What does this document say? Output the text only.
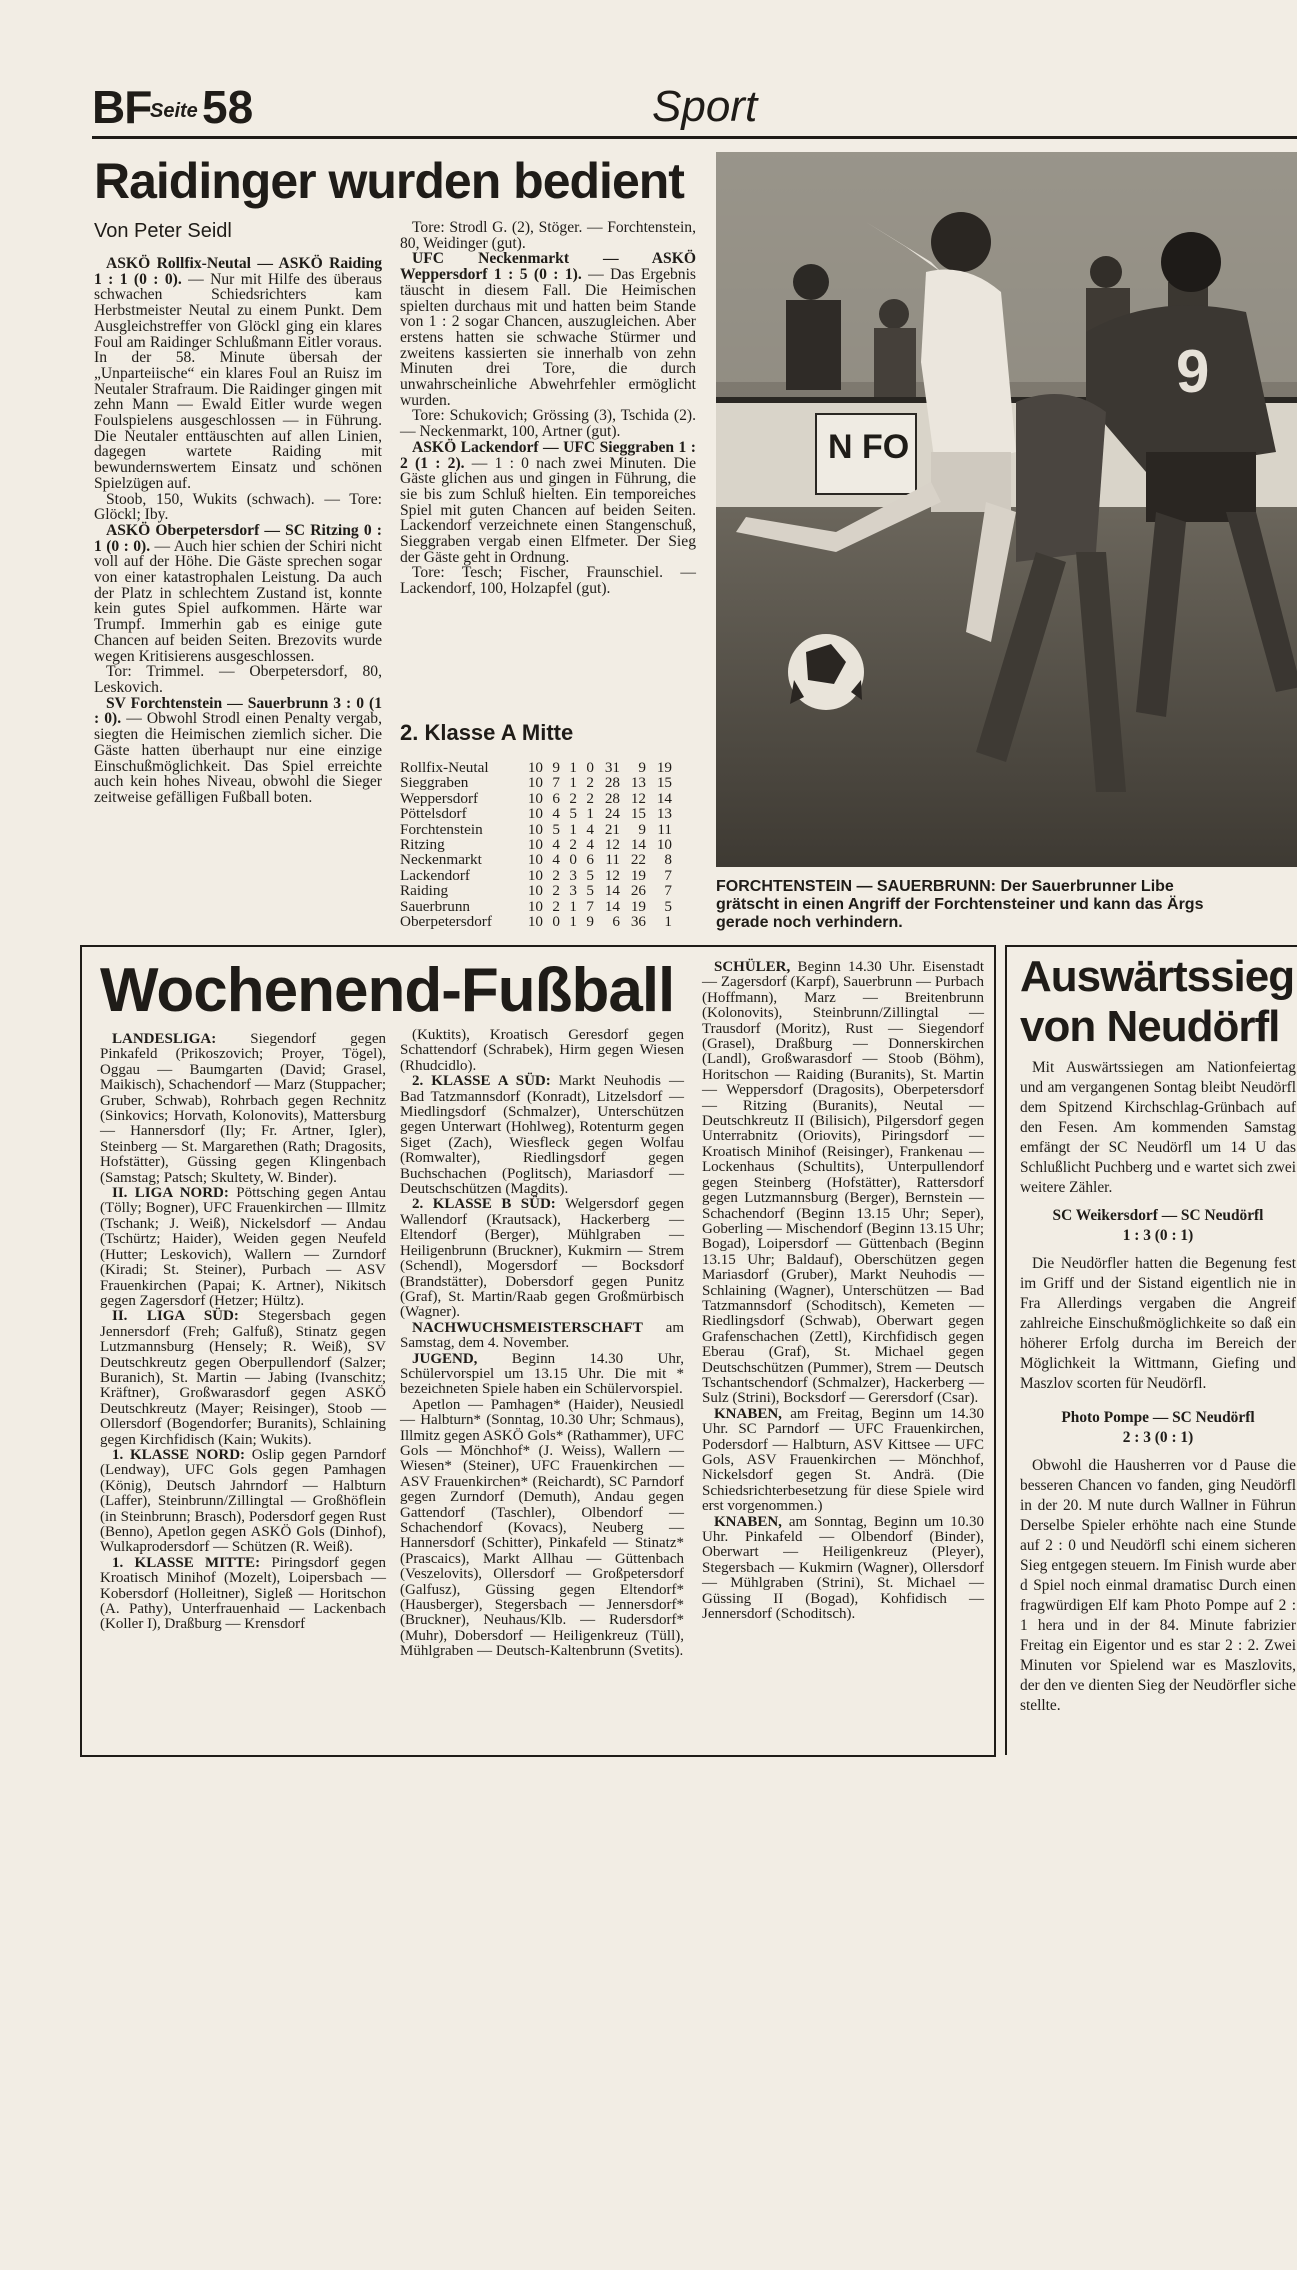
BF
Seite 58	Sport
Raidinger wurden bedient
Von Peter Seidl

ASKÖ Rollfix-Neutal — ASKÖ Raiding 1 : 1 (0 : 0). — Nur mit Hilfe des überaus schwachen Schiedsrichters kam Herbstmeister Neutal zu einem Punkt. Dem Ausgleichstreffer von Glöckl ging ein klares Foul am Raidinger Schlußmann Eitler voraus. In der 58. Minute übersah der „Unparteiische“ ein klares Foul an Ruisz im Neutaler Strafraum. Die Raidinger gingen mit zehn Mann — Ewald Eitler wurde wegen Foulspielens ausgeschlossen — in Führung. Die Neutaler enttäuschten auf allen Linien, dagegen wartete Raiding mit bewundernswertem Einsatz und schönen Spielzügen auf.

Stoob, 150, Wukits (schwach). — Tore: Glöckl; Iby.

ASKÖ Oberpetersdorf — SC Ritzing 0 : 1 (0 : 0). — Auch hier schien der Schiri nicht voll auf der Höhe. Die Gäste sprechen sogar von einer katastrophalen Leistung. Da auch der Platz in schlechtem Zustand ist, konnte kein gutes Spiel aufkommen. Härte war Trumpf. Immerhin gab es einige gute Chancen auf beiden Seiten. Brezovits wurde wegen Kritisierens ausgeschlossen.

Tor: Trimmel. — Oberpetersdorf, 80, Leskovich.

SV Forchtenstein — Sauerbrunn 3 : 0 (1 : 0). — Obwohl Strodl einen Penalty vergab, siegten die Heimischen ziemlich sicher. Die Gäste hatten überhaupt nur eine einzige Einschußmöglichkeit. Das Spiel erreichte auch kein hohes Niveau, obwohl die Sieger zeitweise gefälligen Fußball boten.

Tore: Strodl G. (2), Stöger. — Forchtenstein, 80, Weidinger (gut).

UFC Neckenmarkt — ASKÖ Weppersdorf 1 : 5 (0 : 1). — Das Ergebnis täuscht in diesem Fall. Die Heimischen spielten durchaus mit und hatten beim Stande von 1 : 2 sogar Chancen, auszugleichen. Aber erstens hatten sie schwache Stürmer und zweitens kassierten sie innerhalb von zehn Minuten drei Tore, die durch unwahrscheinliche Abwehrfehler ermöglicht wurden.

Tore: Schukovich; Grössing (3), Tschida (2). — Neckenmarkt, 100, Artner (gut).

ASKÖ Lackendorf — UFC Sieggraben 1 : 2 (1 : 2). — 1 : 0 nach zwei Minuten. Die Gäste glichen aus und gingen in Führung, die sie bis zum Schluß hielten. Ein temporeiches Spiel mit guten Chancen auf beiden Seiten. Lackendorf verzeichnete einen Stangenschuß, Sieggraben vergab einen Elfmeter. Der Sieg der Gäste geht in Ordnung.

Tore: Tesch; Fischer, Fraunschiel. — Lackendorf, 100, Holzapfel (gut).

2. Klasse A Mitte
Rollfix-Neutal	10 9 1 0 31	9 19
Sieggraben	10 7 1 2 28 13 15
Weppersdorf	10 6 2 2 28 12 14
Pöttelsdorf	10 4 5 1 24 15 13
Forchtenstein	10 5 1 4 21	9 11
Ritzing	10 4 2 4 12 14 10
Neckenmarkt	10 4 0 6 11 22	8
Lackendorf	10 2 3 5 12 19	7
Raiding	10 2 3 5 14 26	7
Sauerbrunn	10 2 1 7 14 19	5
Oberpetersdorf	10 0 1 9	6 36	1
N FO
9
FORCHTENSTEIN — SAUERBRUNN: Der Sauerbrunner Libe
grätscht in einen Angriff der Forchtensteiner und kann das Ärgs
gerade noch verhindern.
Wochenend-Fußball

LANDESLIGA: Siegendorf gegen Pinkafeld (Prikoszovich; Proyer, Tögel), Oggau — Baumgarten (David; Grasel, Maikisch), Schachendorf — Marz (Stuppacher; Gruber, Schwab), Rohrbach gegen Rechnitz (Sinkovics; Horvath, Kolonovits), Mattersburg — Hannersdorf (Ily; Fr. Artner, Igler), Steinberg — St. Margarethen (Rath; Dragosits, Hofstätter), Güssing gegen Klingenbach (Samstag; Patsch; Skultety, W. Binder).

II. LIGA NORD: Pöttsching gegen Antau (Tölly; Bogner), UFC Frauenkirchen — Illmitz (Tschank; J. Weiß), Nickelsdorf — Andau (Tschürtz; Haider), Weiden gegen Neufeld (Hutter; Leskovich), Wallern — Zurndorf (Kiradi; St. Steiner), Purbach — ASV Frauenkirchen (Papai; K. Artner), Nikitsch gegen Zagersdorf (Hetzer; Hültz).

II. LIGA SÜD: Stegersbach gegen Jennersdorf (Freh; Galfuß), Stinatz gegen Lutzmannsburg (Hensely; R. Weiß), SV Deutschkreutz gegen Oberpullendorf (Salzer; Buranich), St. Martin — Jabing (Ivanschitz; Kräftner), Großwarasdorf gegen ASKÖ Deutschkreutz (Mayer; Reisinger), Stoob — Ollersdorf (Bogendorfer; Buranits), Schlaining gegen Kirchfidisch (Kain; Wukits).

1. KLASSE NORD: Oslip gegen Parndorf (Lendway), UFC Gols gegen Pamhagen (König), Deutsch Jahrndorf — Halbturn (Laffer), Steinbrunn/Zillingtal — Großhöflein (in Steinbrunn; Brasch), Podersdorf gegen Rust (Benno), Apetlon gegen ASKÖ Gols (Dinhof), Wulkaprodersdorf — Schützen (R. Weiß).

1. KLASSE MITTE: Piringsdorf gegen Kroatisch Minihof (Mozelt), Loipersbach — Kobersdorf (Holleitner), Sigleß — Horitschon (A. Pathy), Unterfrauenhaid — Lackenbach (Koller I), Draßburg — Krensdorf

(Kuktits), Kroatisch Geresdorf gegen Schattendorf (Schrabek), Hirm gegen Wiesen (Rhudcidlo).

2. KLASSE A SÜD: Markt Neuhodis — Bad Tatzmannsdorf (Konradt), Litzelsdorf — Miedlingsdorf (Schmalzer), Unterschützen gegen Unterwart (Hohlweg), Rotenturm gegen Siget (Zach), Wiesfleck gegen Wolfau (Romwalter), Riedlingsdorf gegen Buchschachen (Poglitsch), Mariasdorf — Deutschschützen (Magdits).

2. KLASSE B SÜD: Welgersdorf gegen Wallendorf (Krautsack), Hackerberg — Eltendorf (Berger), Mühlgraben — Heiligenbrunn (Bruckner), Kukmirn — Strem (Schendl), Mogersdorf — Bocksdorf (Brandstätter), Dobersdorf gegen Punitz (Graf), St. Martin/Raab gegen Großmürbisch (Wagner).

NACHWUCHSMEISTERSCHAFT am Samstag, dem 4. November.

JUGEND, Beginn 14.30 Uhr, Schülervorspiel um 13.15 Uhr. Die mit * bezeichneten Spiele haben ein Schülervorspiel.

Apetlon — Pamhagen* (Haider), Neusiedl — Halbturn* (Sonntag, 10.30 Uhr; Schmaus), Illmitz gegen ASKÖ Gols* (Rathammer), UFC Gols — Mönchhof* (J. Weiss), Wallern — Wiesen* (Steiner), UFC Frauenkirchen — ASV Frauenkirchen* (Reichardt), SC Parndorf gegen Zurndorf (Demuth), Andau gegen Gattendorf (Taschler), Olbendorf — Schachendorf (Kovacs), Neuberg — Hannersdorf (Schitter), Pinkafeld — Stinatz* (Prascaics), Markt Allhau — Güttenbach (Veszelovits), Ollersdorf — Großpetersdorf (Galfusz), Güssing gegen Eltendorf* (Hausberger), Stegersbach — Jennersdorf* (Bruckner), Neuhaus/Klb. — Rudersdorf* (Muhr), Dobersdorf — Heiligenkreuz (Tüll), Mühlgraben — Deutsch-Kaltenbrunn (Svetits).

SCHÜLER, Beginn 14.30 Uhr. Eisenstadt — Zagersdorf (Karpf), Sauerbrunn — Purbach (Hoffmann), Marz — Breitenbrunn (Kolonovits), Steinbrunn/Zillingtal — Trausdorf (Moritz), Rust — Siegendorf (Grasel), Draßburg — Donnerskirchen (Landl), Großwarasdorf — Stoob (Böhm), Horitschon — Raiding (Buranits), St. Martin — Weppersdorf (Dragosits), Oberpetersdorf — Ritzing (Buranits), Neutal — Deutschkreutz II (Bilisich), Pilgersdorf gegen Unterrabnitz (Oriovits), Piringsdorf — Kroatisch Minihof (Reisinger), Frankenau — Lockenhaus (Schultits), Unterpullendorf gegen Steinberg (Hofstätter), Rattersdorf gegen Lutzmannsburg (Berger), Bernstein — Schachendorf (Beginn 13.15 Uhr; Seper), Goberling — Mischendorf (Beginn 13.15 Uhr; Bogad), Loipersdorf — Güttenbach (Beginn 13.15 Uhr; Baldauf), Oberschützen gegen Mariasdorf (Gruber), Markt Neuhodis — Schlaining (Wagner), Unterschützen — Bad Tatzmannsdorf (Schoditsch), Kemeten — Riedlingsdorf (Schwab), Oberwart gegen Grafenschachen (Zettl), Kirchfidisch gegen Eberau (Graf), St. Michael gegen Deutschschützen (Pummer), Strem — Deutsch Tschantschendorf (Schmalzer), Hackerberg — Sulz (Strini), Bocksdorf — Gerersdorf (Csar).

KNABEN, am Freitag, Beginn um 14.30 Uhr. SC Parndorf — UFC Frauenkirchen, Podersdorf — Halbturn, ASV Kittsee — UFC Gols, ASV Frauenkirchen — Mönchhof, Nickelsdorf gegen St. Andrä. (Die Schiedsrichterbesetzung für diese Spiele wird erst vorgenommen.)

KNABEN, am Sonntag, Beginn um 10.30 Uhr. Pinkafeld — Olbendorf (Binder), Oberwart — Heiligenkreuz (Pleyer), Stegersbach — Kukmirn (Wagner), Ollersdorf — Mühlgraben (Strini), St. Michael — Güssing II (Bogad), Kohfidisch — Jennersdorf (Schoditsch).

Auswärtssieg
von Neudörfl

Mit Auswärtssiegen am Nationfeiertag und am vergangenen Sontag bleibt Neudörfl dem Spitzend Kirchschlag-Grünbach auf den Fesen. Am kommenden Samstag emfängt der SC Neudörfl um 14 U das Schlußlicht Puchberg und e wartet sich zwei weitere Zähler.

SC Weikersdorf — SC Neudörfl
1 : 3 (0 : 1)

Die Neudörfler hatten die Begenung fest im Griff und der Sistand eigentlich nie in Fra Allerdings vergaben die Angreif zahlreiche Einschußmöglichkeite so daß ein höherer Erfolg durcha im Bereich der Möglichkeit la Wittmann, Giefing und Maszlov scorten für Neudörfl.

Photo Pompe — SC Neudörfl
2 : 3 (0 : 1)

Obwohl die Hausherren vor d Pause die besseren Chancen vo fanden, ging Neudörfl in der 20. M nute durch Wallner in Führun Derselbe Spieler erhöhte nach eine Stunde auf 2 : 0 und Neudörfl schi einem sicheren Sieg entgegen steuern. Im Finish wurde aber d Spiel noch einmal dramatisc Durch einen fragwürdigen Elf kam Photo Pompe auf 2 : 1 hera und in der 84. Minute fabrizier Freitag ein Eigentor und es star 2 : 2. Zwei Minuten vor Spielend war es Maszlovits, der den ve dienten Sieg der Neudörfler siche stellte.
